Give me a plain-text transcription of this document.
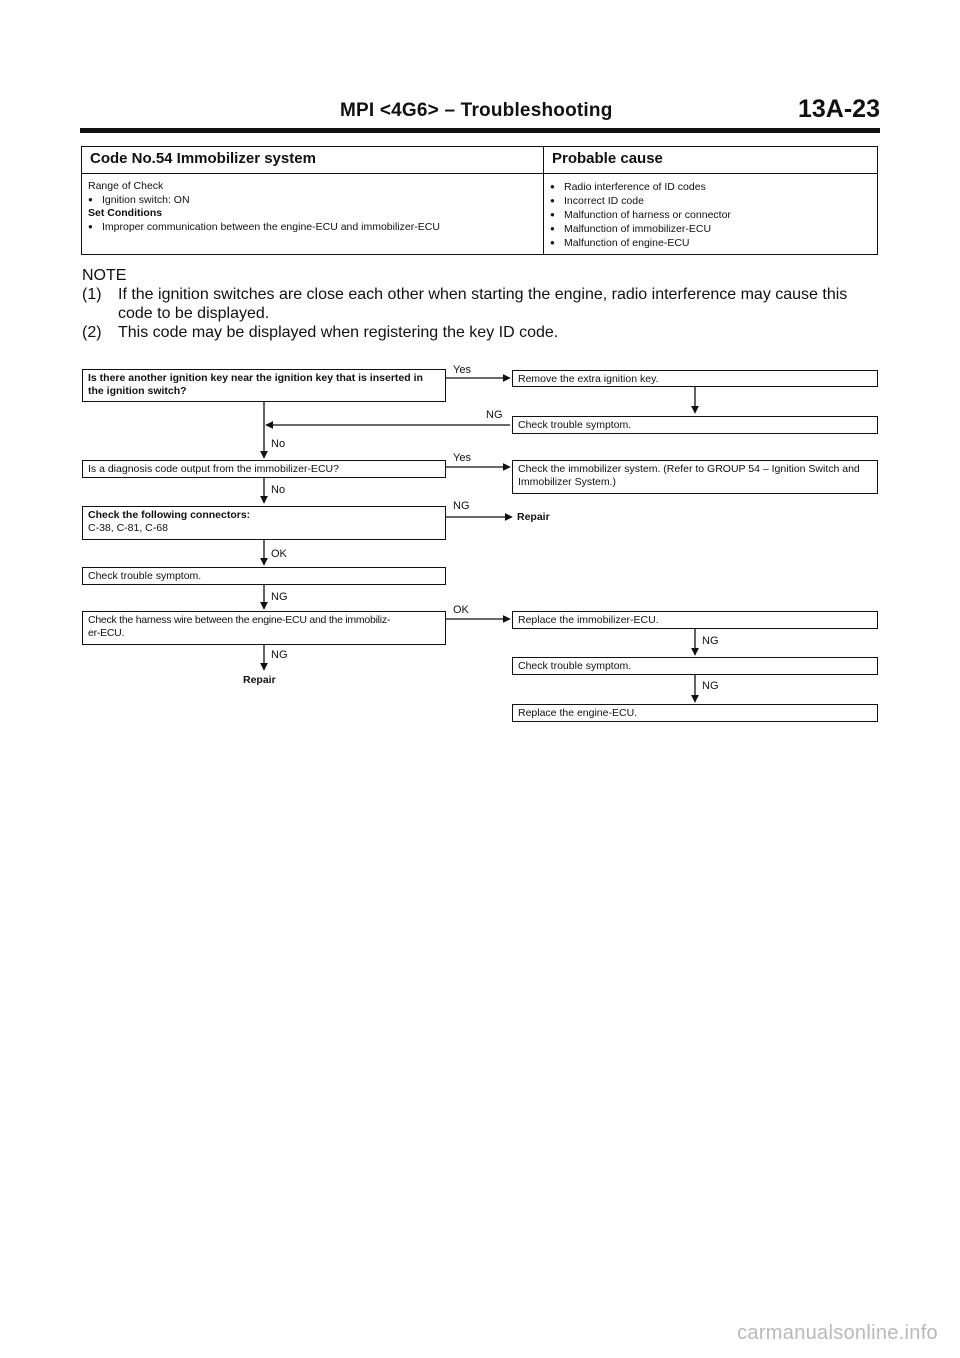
MPI <4G6> – Troubleshooting	13A-23
Code No.54 Immobilizer system	Probable cause

Range of Check
● Ignition switch: ON
Set Conditions
● Improper communication between the engine-ECU and immobilizer-ECU	● Radio interference of ID codes
● Incorrect ID code
● Malfunction of harness or connector
● Malfunction of immobilizer-ECU
● Malfunction of engine-ECU
NOTE
(1) If the ignition switches are close each other when starting the engine, radio interference may cause this code to be displayed.
(2) This code may be displayed when registering the key ID code.
Is there another ignition key near the ignition key that is inserted in the ignition switch?
Remove the extra ignition key.
Check trouble symptom.
Is a diagnosis code output from the immobilizer-ECU?	Check the immobilizer system. (Refer to GROUP 54 – Ignition Switch and Immobilizer System.)
Check the following connectors:
C-38, C-81, C-68
Check trouble symptom.
Check the harness wire between the engine-ECU and the immobiliz-
er-ECU.
Replace the immobilizer-ECU.
Check trouble symptom.
Replace the engine-ECU.
Repair
Repair
Yes
NG
No
Yes
No
NG
OK
NG
OK
NG
NG
NG
carmanualsonline.info
